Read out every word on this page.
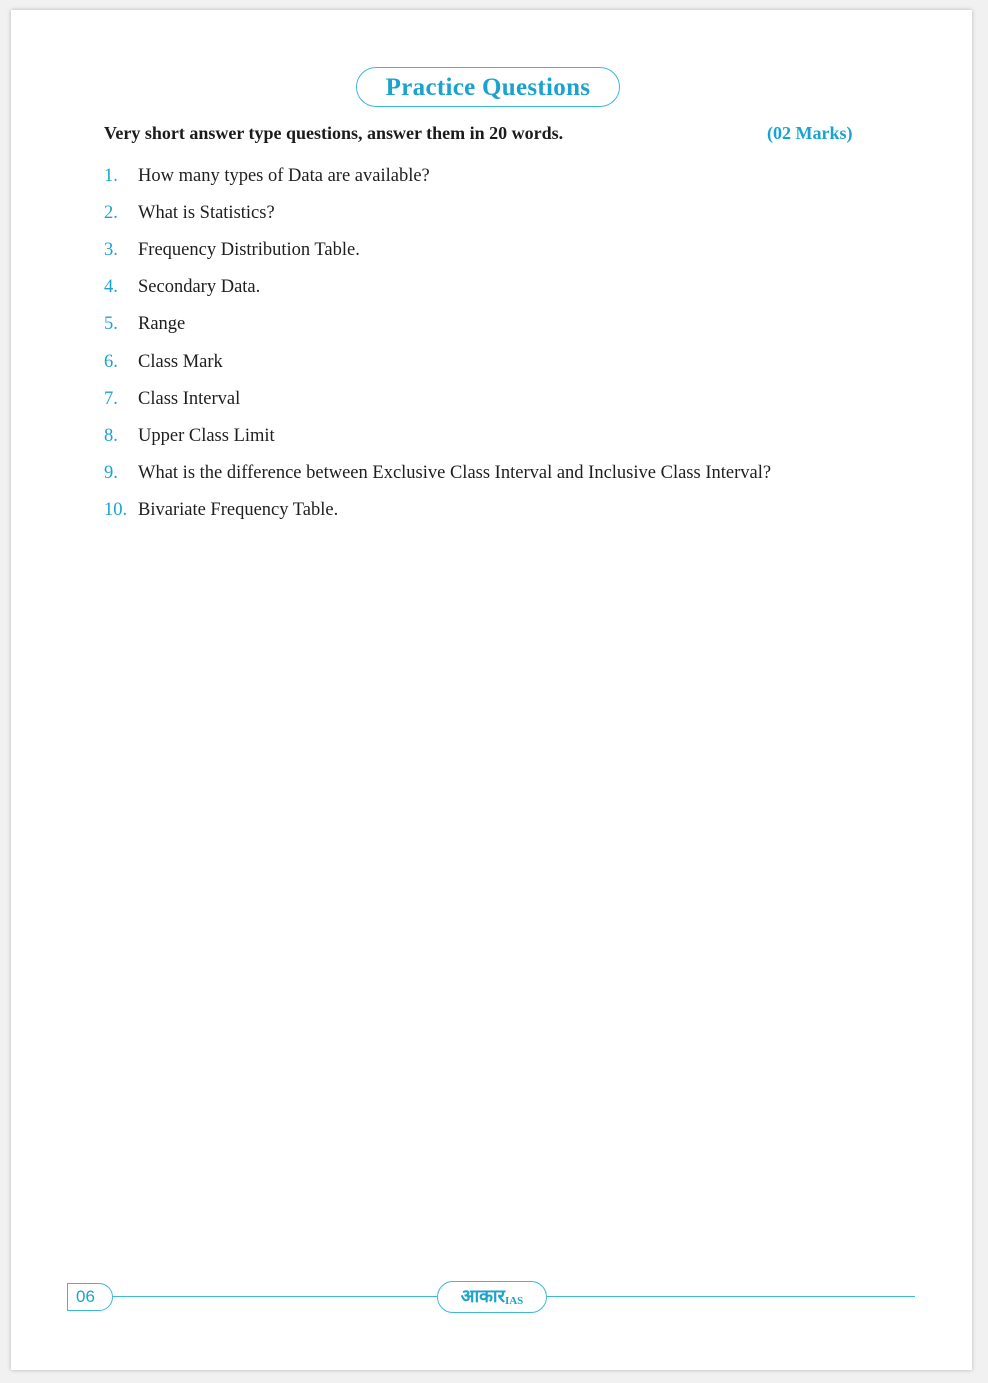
Practice Questions
Very short answer type questions, answer them in 20 words.	(02 Marks)
1.	How many types of Data are available?
2.	What is Statistics?
3.	Frequency Distribution Table.
4.	Secondary Data.
5.	Range
6.	Class Mark
7.	Class Interval
8.	Upper Class Limit
9.	What is the difference between Exclusive Class Interval and Inclusive Class Interval?
10. Bivariate Frequency Table.
06	आकारIAS
